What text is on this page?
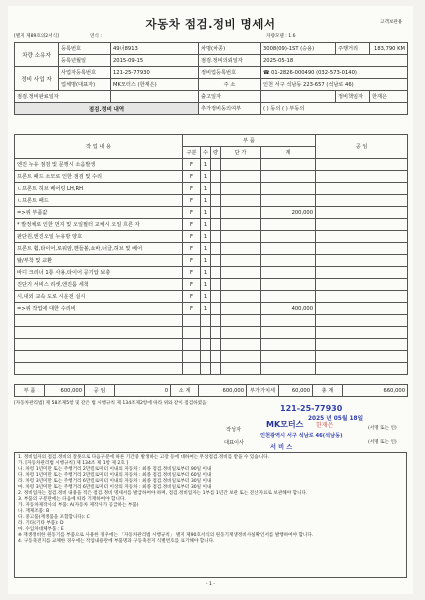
자동차 점검.정비 명세서	고객보관용
[별지 제89호의2서식]	연식 :	자량모델 : 1.6
차량 소유자	등록번호	49너8913	차명(차종)	3008(09)-1ST (승용)	주행거리	183,790 KM
	등록년월일	2015-09-15	점검.정비의뢰일자	2025-05-18		
정비 사업 자	사업자등록번호	121-25-77930	정비업등록번호	☎ 01-2826-000490 (032-573-0140)		
	업체명(대표자)	MK모터스 (한재은)	주 소	인천 서구 석남동 223-657 (석남로 46)		
점검.정비완료일자			출고일자		정비책임자	한재은
점검.정비 내역			추가정비동의여부	( ) 동의 ( ) 부동의		
작 업 내 용	부 품					공 임
	구분	수	량	단 가	계	
엔진 누유 점검 및 문행시 소음발생	F	1				
프론트 패드 소모로 인한 점검 및 수리	F	1				
ㄴ프론트 허브 베어링 LH,RH	F	1				
ㄴ프론트 패드	F	1				
=>위 부품값	F	1			200,000	
* 발정체로 인한 먼지 및 오일필터 교체시 오일 흐른 자	F	1				
판단원,엔진오일 누유방 양호	F	1				
프론트 휠,타이어,로워암,핸들볼,쇼바,너클,허브 및 베어	F	1				
탈/부착 및 교환	F	1				
바디 크리너 1통 사용,타이어 공기압 보충	F	1				
진단기 서비스 리셋,엔진룸 세척	F	1				
시,내외 교속 도로 시운전 실시	F	1				
=>위 작업에 대한 수리비	F	1			400,000	

부 품	600,000	공 임	0	소 계	600,000	부가가치세	60,000	총 계	660,000
[자동차관리법] 제 58조제5항 및 같은 법 시행규칙 제 134조제2항에 따라 위와 같이 점검하였음
2025 년 05월 18일
121-25-77930
작성자
MK모터스 한재은	(서명 또는 인)
대표이사
인천광역시 서구 석남로 46(석남동)
서 비 스
(서명 또는 인)
1. 정비업자의 점검.정비의 잘못으로 다음구분에 따른 기간중 발생하는 고장 등에 대하여는 무상점검.정비를 받을 수 있습니다.
가. [자동차관리법 시행규칙] 제 134조 제 1항 제 2호 ]
나. 차령 1년미만 또는 주행거리 2만킬로미터 이내의 자동차 : 최종 점검.정비일로부터 90일 이내
다. 차령 1년미만 또는 주행거리 2만킬로미터 이내의 자동차 : 최종 점검.정비일로부터 60일 이내
라. 차령 3년미만 또는 주행거리 6만킬로미터 이내의 자동차 : 최종 점검.정비일로부터 30일 이내
마. 차령 3년미만 또는 주행거리 6만킬로미터 이상의 자동차 : 최종 점검.정비일로부터 30일 이내
2. 정비업자는 점검.정비 내용을 적은 점검.정비 명세서를 발급하여야 하며, 점검.정비업자는 1부를 1년간 보관 또는 전산자료로 보관해야 합니다.
3. 부품의 구분란에는 다음에 따라 기재하여야 합니다.
가. 자동차제작사의 부품: A(자동차 제작사가 공급하는 부품)
나. 재제조품: B
다. 중고품(재생품을 포함합니다): C
라. 기타(기타 부품): D
마. 수입차대체부품 : E
※ 재생정비한 원동기를 부품으로 사용한 경우에는 「자동차관리법 시행규칙」 별지 제90호서식의 원동기재생정비사실확인서를 발행하여야 합니다.
4. 구동축전지를 교체한 경우에는 작업내용란에 부품명과 구동축전지 식별번호를 표기해야 합니다.
- 1 -
